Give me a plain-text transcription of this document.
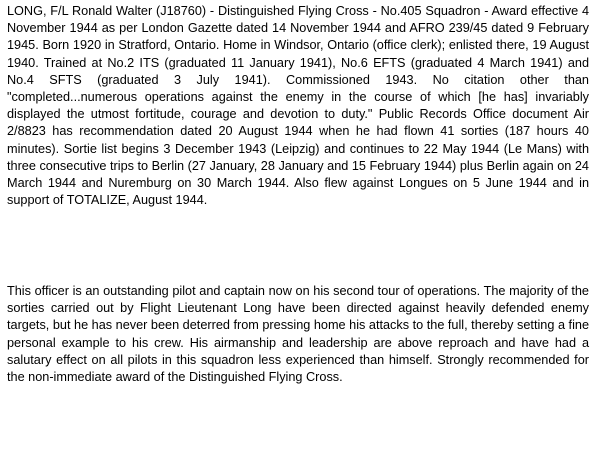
LONG, F/L Ronald Walter (J18760) - Distinguished Flying Cross - No.405 Squadron - Award effective 4 November 1944 as per London Gazette dated 14 November 1944 and AFRO 239/45 dated 9 February 1945. Born 1920 in Stratford, Ontario. Home in Windsor, Ontario (office clerk); enlisted there, 19 August 1940. Trained at No.2 ITS (graduated 11 January 1941), No.6 EFTS (graduated 4 March 1941) and No.4 SFTS (graduated 3 July 1941). Commissioned 1943. No citation other than "completed...numerous operations against the enemy in the course of which [he has] invariably displayed the utmost fortitude, courage and devotion to duty." Public Records Office document Air 2/8823 has recommendation dated 20 August 1944 when he had flown 41 sorties (187 hours 40 minutes). Sortie list begins 3 December 1943 (Leipzig) and continues to 22 May 1944 (Le Mans) with three consecutive trips to Berlin (27 January, 28 January and 15 February 1944) plus Berlin again on 24 March 1944 and Nuremburg on 30 March 1944. Also flew against Longues on 5 June 1944 and in support of TOTALIZE, August 1944.

This officer is an outstanding pilot and captain now on his second tour of operations. The majority of the sorties carried out by Flight Lieutenant Long have been directed against heavily defended enemy targets, but he has never been deterred from pressing home his attacks to the full, thereby setting a fine personal example to his crew. His airmanship and leadership are above reproach and have had a salutary effect on all pilots in this squadron less experienced than himself. Strongly recommended for the non-immediate award of the Distinguished Flying Cross.
